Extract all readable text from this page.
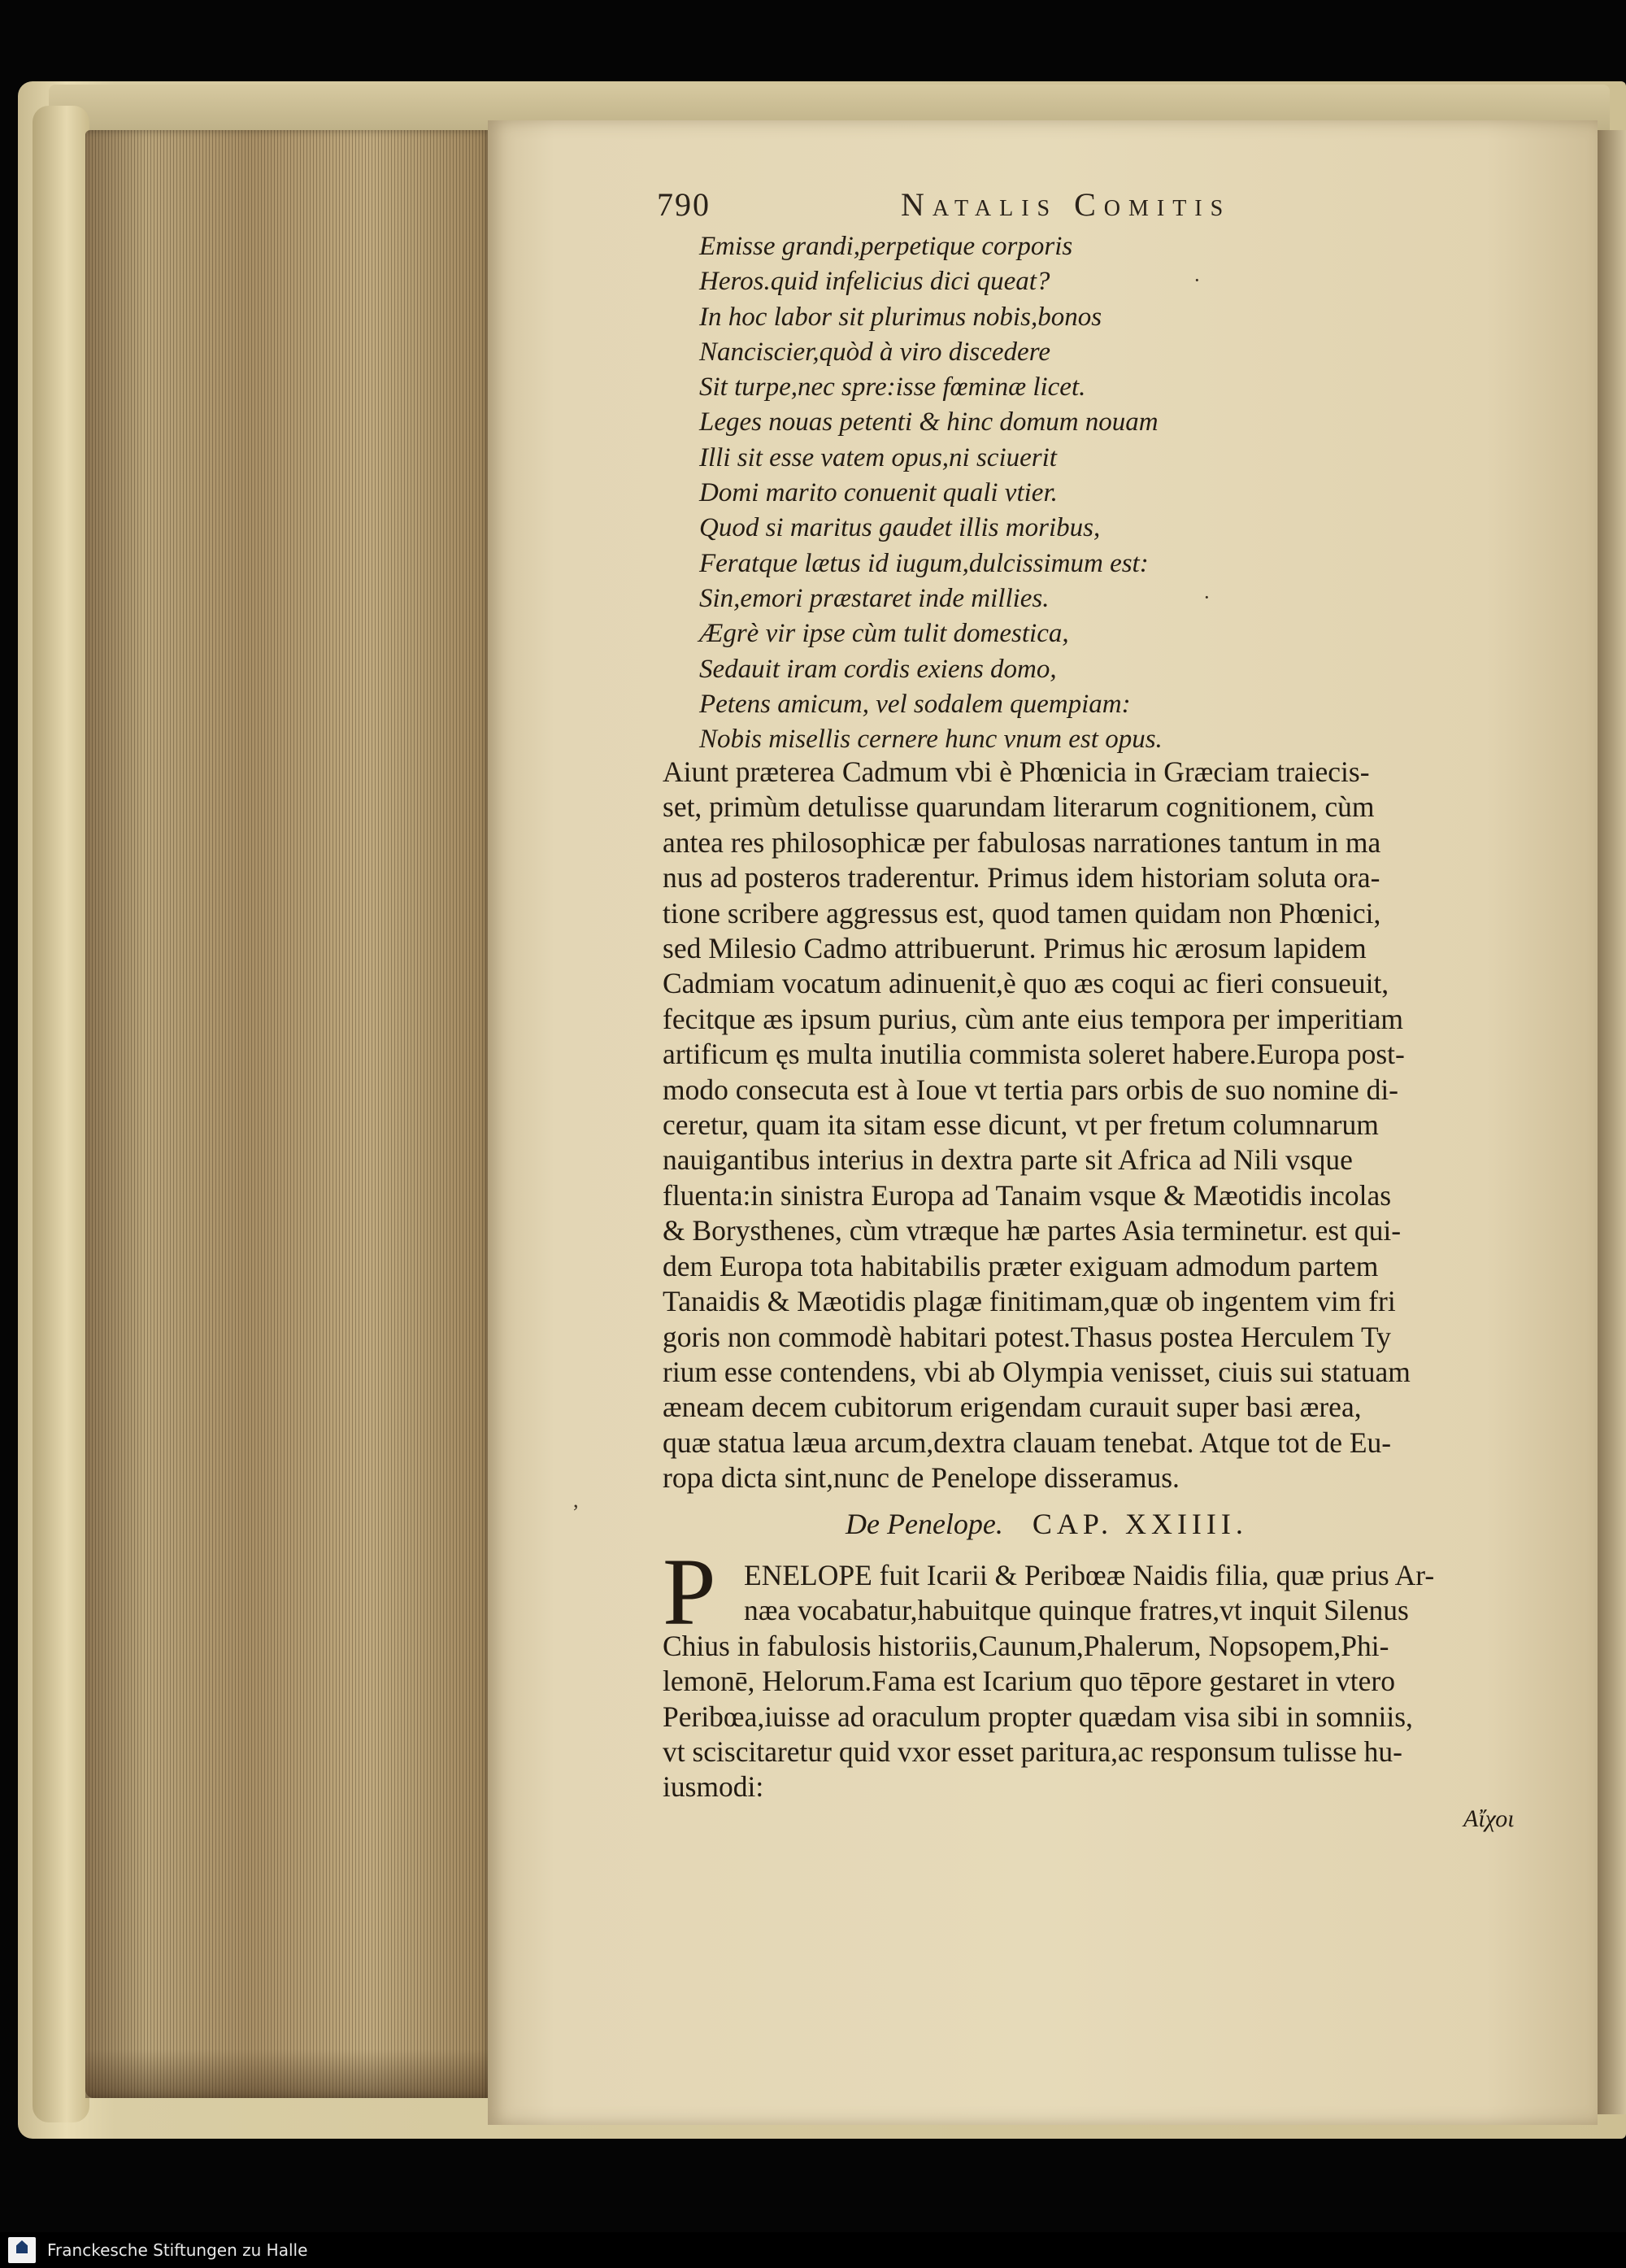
790	Natalis Comitis
Emisse grandi,perpetique corporis
Heros.quid infelicius dici queat?
In hoc labor sit plurimus nobis,bonos
Nanciscier,quòd à viro discedere
Sit turpe,nec spre:isse fœminæ licet.
Leges nouas petenti & hinc domum nouam
Illi sit esse vatem opus,ni sciuerit
Domi marito conuenit quali vtier.
Quod si maritus gaudet illis moribus,
Feratque lætus id iugum,dulcissimum est:
Sin,emori præstaret inde millies.
Ægrè vir ipse cùm tulit domestica,
Sedauit iram cordis exiens domo,
Petens amicum, vel sodalem quempiam:
Nobis misellis cernere hunc vnum est opus.
Aiunt præterea Cadmum vbi è Phœnicia in Græciam traiecis-
set, primùm detulisse quarundam literarum cognitionem, cùm
antea res philosophicæ per fabulosas narrationes tantum in ma
nus ad posteros traderentur. Primus idem historiam soluta ora-
tione scribere aggressus est, quod tamen quidam non Phœnici,
sed Milesio Cadmo attribuerunt. Primus hic ærosum lapidem
Cadmiam vocatum adinuenit,è quo æs coqui ac fieri consueuit,
fecitque æs ipsum purius, cùm ante eius tempora per imperitiam
artificum ęs multa inutilia commista soleret habere.Europa post-
modo consecuta est à Ioue vt tertia pars orbis de suo nomine di-
ceretur, quam ita sitam esse dicunt, vt per fretum columnarum
nauigantibus interius in dextra parte sit Africa ad Nili vsque
fluenta:in sinistra Europa ad Tanaim vsque & Mæotidis incolas
& Borysthenes, cùm vtræque hæ partes Asia terminetur. est qui-
dem Europa tota habitabilis præter exiguam admodum partem
Tanaidis & Mæotidis plagæ finitimam,quæ ob ingentem vim fri
goris non commodè habitari potest.Thasus postea Herculem Ty
rium esse contendens, vbi ab Olympia venisset, ciuis sui statuam
æneam decem cubitorum erigendam curauit super basi ærea,
quæ statua læua arcum,dextra clauam tenebat. Atque tot de Eu-
ropa dicta sint,nunc de Penelope disseramus.
De Penelope. CAP. XXIIII.
P ENELOPE fuit Icarii & Peribœæ Naidis filia, quæ prius Ar-
næa vocabatur,habuitque quinque fratres,vt inquit Silenus
Chius in fabulosis historiis,Caunum,Phalerum, Nopsopem,Phi-
lemonē, Helorum.Fama est Icarium quo tēpore gestaret in vtero
Peribœa,iuisse ad oraculum propter quædam visa sibi in somniis,
vt sciscitaretur quid vxor esset paritura,ac responsum tulisse hu-
iusmodi:
Αἴχοι
·
·
,
Franckesche Stiftungen zu Halle
